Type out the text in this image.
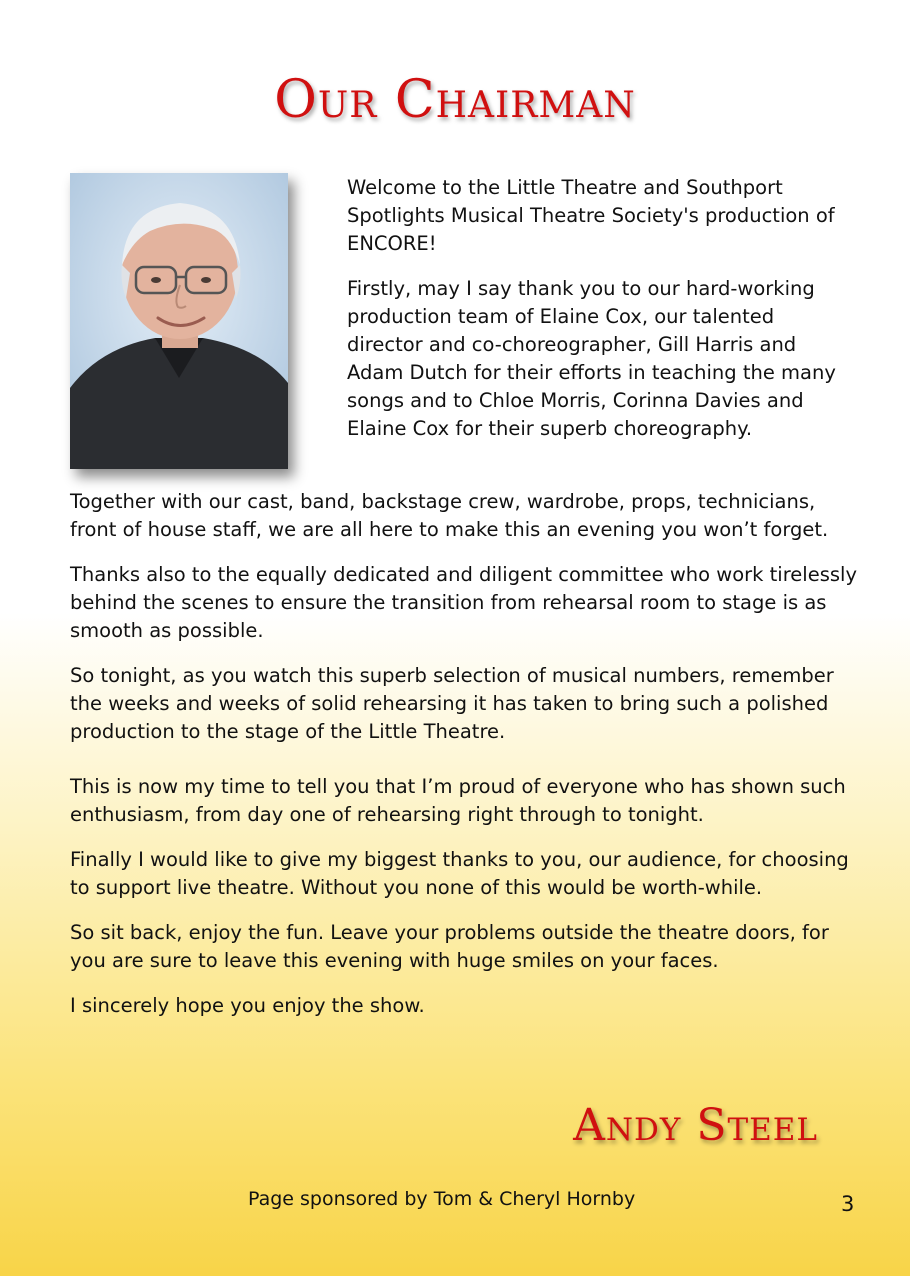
Our Chairman

Welcome to the Little Theatre and Southport Spotlights Musical Theatre Society's production of ENCORE!

Firstly, may I say thank you to our hard-working production team of Elaine Cox, our talented director and co-choreographer, Gill Harris and Adam Dutch for their efforts in teaching the many songs and to Chloe Morris, Corinna Davies and Elaine Cox for their superb choreography.

Together with our cast, band, backstage crew, wardrobe, props, technicians, front of house staff, we are all here to make this an evening you won’t forget.

Thanks also to the equally dedicated and diligent committee who work tirelessly behind the scenes to ensure the transition from rehearsal room to stage is as smooth as possible.

So tonight, as you watch this superb selection of musical numbers, remember the weeks and weeks of solid rehearsing it has taken to bring such a polished production to the stage of the Little Theatre.

This is now my time to tell you that I’m proud of everyone who has shown such enthusiasm, from day one of rehearsing right through to tonight.

Finally I would like to give my biggest thanks to you, our audience, for choosing to support live theatre. Without you none of this would be worth-while.

So sit back, enjoy the fun. Leave your problems outside the theatre doors, for you are sure to leave this evening with huge smiles on your faces.

I sincerely hope you enjoy the show.

Andy Steel
Page sponsored by Tom & Cheryl Hornby	3
